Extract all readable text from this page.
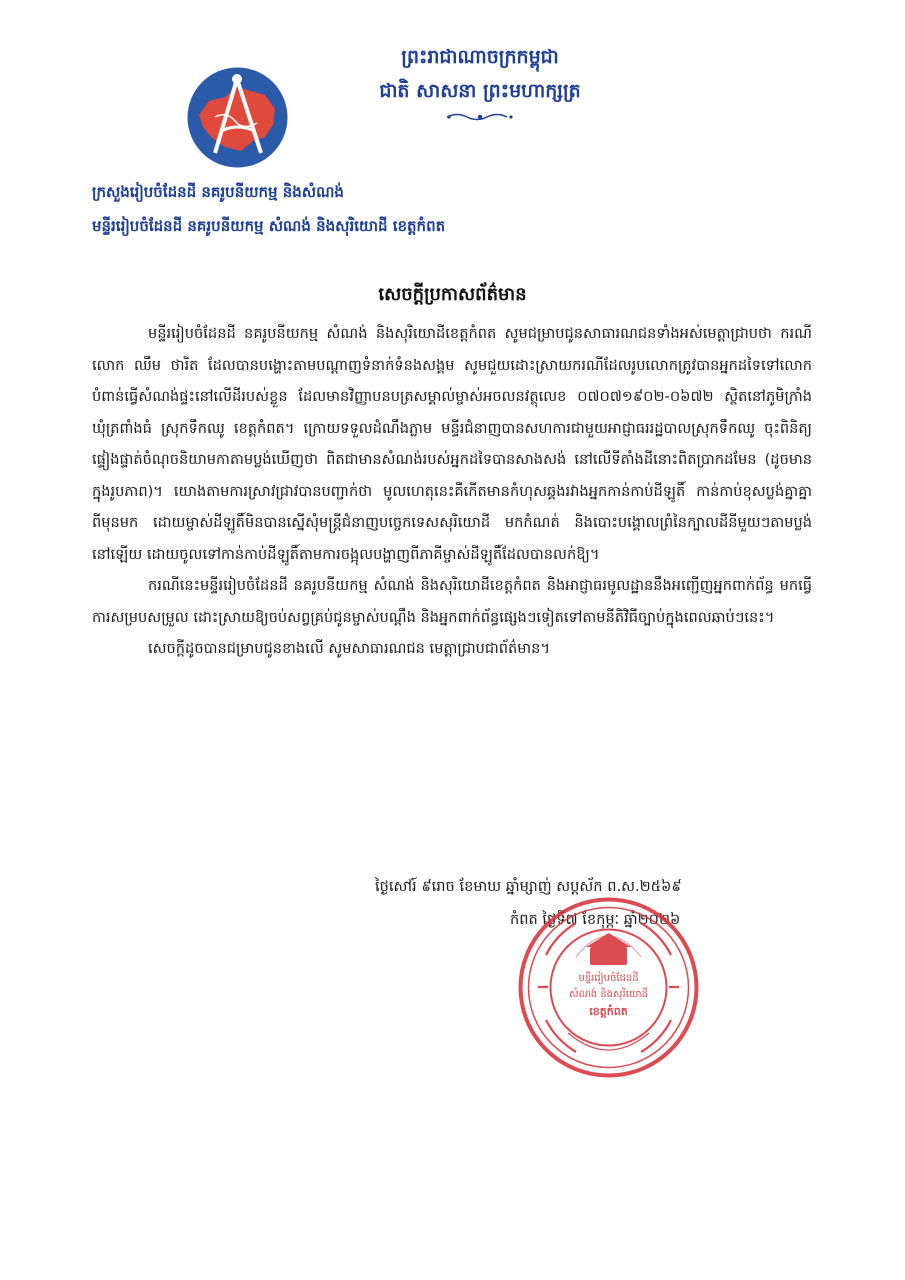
ព្រះរាជាណាចក្រកម្ពុជា
ជាតិ សាសនា ព្រះមហាក្សត្រ
ក្រសួងរៀបចំដែនដី នគរូបនីយកម្ម និងសំណង់
មន្ទីររៀបចំដែនដី នគរូបនីយកម្ម សំណង់ និងសុរិយោដី ខេត្តកំពត
សេចក្ដីប្រកាសព័ត៌មាន

មន្ទីររៀបចំដែនដី នគរូបនីយកម្ម សំណង់ និងសុរិយោដីខេត្តកំពត សូមជម្រាបជូនសាធារណជនទាំងអស់មេត្តាជ្រាបថា ករណីលោក ឈឹម ថារិត ដែលបានបង្ហោះតាមបណ្ដាញទំនាក់ទំនងសង្គម សូមជួយដោះស្រាយករណីដែលរូបលោកត្រូវបានអ្នកដទៃទៅលោកបំពាន់ធ្វើសំណង់ផ្ទះនៅលើដីរបស់ខ្លួន ដែលមានវិញ្ញាបនបត្រសម្គាល់ម្ចាស់អចលនវត្ថុលេខ ០៧០៧១៩០២-០៦៧២ ស្ថិតនៅភូមិក្រាំង ឃុំត្រពាំងធំ ស្រុកទឹកឈូ ខេត្តកំពត។ ក្រោយទទួលដំណឹងភ្លាម មន្ទីរជំនាញបានសហការជាមួយអាជ្ញាធររដ្ឋបាលស្រុកទឹកឈូ ចុះពិនិត្យផ្ទៀងផ្ទាត់ចំណុចនិយាមកាតាមប្លង់ឃើញថា ពិតជាមានសំណង់របស់អ្នកដទៃបានសាងសង់ នៅលើទីតាំងដីនោះពិតប្រាកដមែន (ដូចមានក្នុងរូបភាព)។ យោងតាមការស្រាវជ្រាវបានបញ្ជាក់ថា មូលហេតុនេះគឺកើតមានកំហុសឆ្គងរវាងអ្នកកាន់កាប់ដីឡូតិ៍ កាន់កាប់ខុសប្លង់គ្នាគ្នាពីមុនមក ដោយម្ចាស់ដីឡូតិ៍មិនបានស្នើសុំមន្ត្រីជំនាញបច្ចេកទេសសុរិយោដី មកកំណត់ និងបោះបង្គោលព្រំនៃក្បាលដីនីមួយៗតាមប្លង់នៅឡើយ ដោយចូលទៅកាន់កាប់ដីឡូតិ៍តាមការចង្អុលបង្ហាញពីភាគីម្ចាស់ដីឡូតិ៍ដែលបានលក់ឱ្យ។

ករណីនេះមន្ទីររៀបចំដែនដី នគរូបនីយកម្ម សំណង់ និងសុរិយោដីខេត្តកំពត និងអាជ្ញាធរមូលដ្ឋាននឹងអញ្ជើញអ្នកពាក់ព័ន្ធ មកធ្វើការសម្របសម្រួល ដោះស្រាយឱ្យចប់សព្វគ្រប់ជូនម្ចាស់បណ្ដឹង និងអ្នកពាក់ព័ន្ធផ្សេងៗទៀតទៅតាមនីតិវិធីច្បាប់ក្នុងពេលឆាប់ៗនេះ។

សេចក្ដីដូចបានជម្រាបជូនខាងលើ សូមសាធារណជន មេត្តាជ្រាបជាព័ត៌មាន។

ថ្ងៃសៅរ៍ ៩រោច ខែមាឃ ឆ្នាំម្សាញ់ សប្តស័ក ព.ស.២៥៦៩
កំពត ថ្ងៃទី៧ ខែកុម្ភៈ ឆ្នាំ២០២៦
មន្ទីររៀបចំដែនដី
សំណង់ និងសុរិយោដី
ខេត្តកំពត
